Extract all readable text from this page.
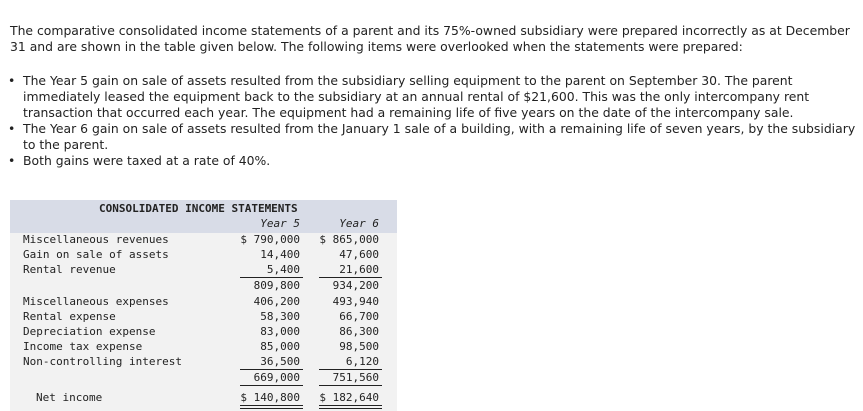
The comparative consolidated income statements of a parent and its 75%-owned subsidiary were prepared incorrectly as at December 31 and are shown in the table given below. The following items were overlooked when the statements were prepared:

• The Year 5 gain on sale of assets resulted from the subsidiary selling equipment to the parent on September 30. The parent immediately leased the equipment back to the subsidiary at an annual rental of $21,600. This was the only intercompany rent transaction that occurred each year. The equipment had a remaining life of five years on the date of the intercompany sale.
• The Year 6 gain on sale of assets resulted from the January 1 sale of a building, with a remaining life of seven years, by the subsidiary to the parent.
• Both gains were taxed at a rate of 40%.
CONSOLIDATED INCOME STATEMENTS
Year 5	Year 6
Miscellaneous revenues	$ 790,000 $ 865,000
Gain on sale of assets	14,400	47,600
Rental revenue	5,400	21,600
809,800	934,200
Miscellaneous expenses	406,200	493,940
Rental expense	58,300	66,700
Depreciation expense	83,000	86,300
Income tax expense	85,000	98,500
Non-controlling interest	36,500	6,120
669,000	751,560
Net income	$ 140,800 $ 182,640
